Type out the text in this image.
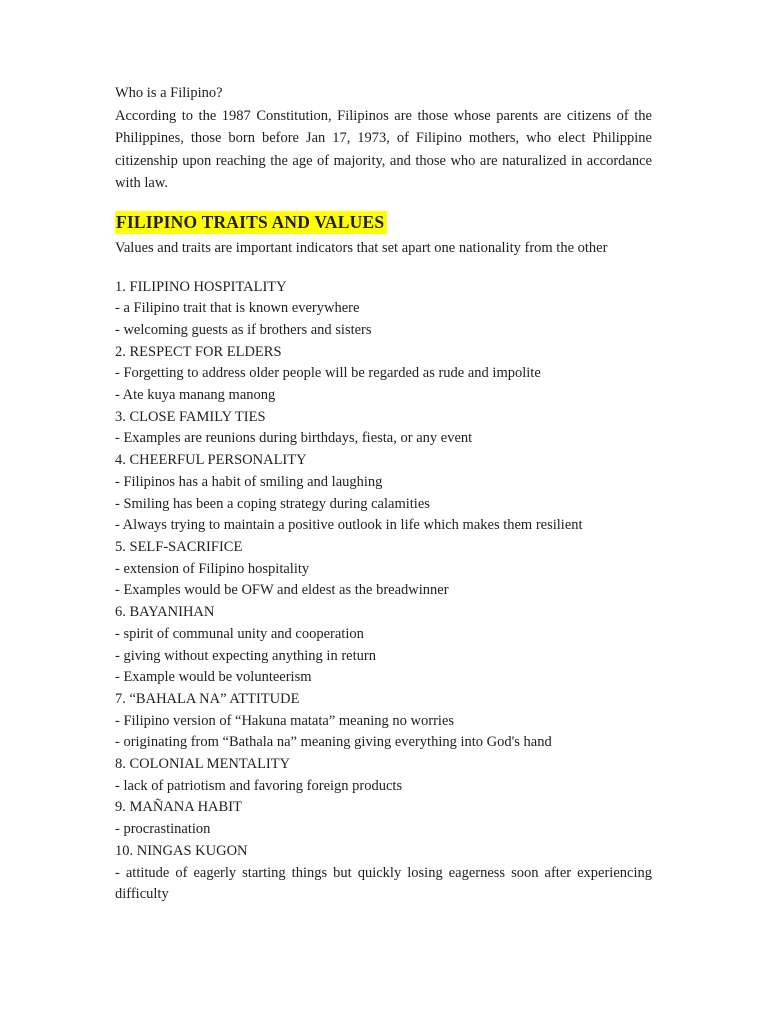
Who is a Filipino?

According to the 1987 Constitution, Filipinos are those whose parents are citizens of the Philippines, those born before Jan 17, 1973, of Filipino mothers, who elect Philippine citizenship upon reaching the age of majority, and those who are naturalized in accordance with law.

FILIPINO TRAITS AND VALUES

Values and traits are important indicators that set apart one nationality from the other

1. FILIPINO HOSPITALITY

- a Filipino trait that is known everywhere

- welcoming guests as if brothers and sisters

2. RESPECT FOR ELDERS

- Forgetting to address older people will be regarded as rude and impolite

- Ate kuya manang manong

3. CLOSE FAMILY TIES

- Examples are reunions during birthdays, fiesta, or any event

4. CHEERFUL PERSONALITY

- Filipinos has a habit of smiling and laughing

- Smiling has been a coping strategy during calamities

- Always trying to maintain a positive outlook in life which makes them resilient

5. SELF-SACRIFICE

- extension of Filipino hospitality

- Examples would be OFW and eldest as the breadwinner

6. BAYANIHAN

- spirit of communal unity and cooperation

- giving without expecting anything in return

- Example would be volunteerism

7. “BAHALA NA” ATTITUDE

- Filipino version of “Hakuna matata” meaning no worries

- originating from “Bathala na” meaning giving everything into God's hand

8. COLONIAL MENTALITY

- lack of patriotism and favoring foreign products

9. MAÑANA HABIT

- procrastination

10. NINGAS KUGON

- attitude of eagerly starting things but quickly losing eagerness soon after experiencing difficulty
